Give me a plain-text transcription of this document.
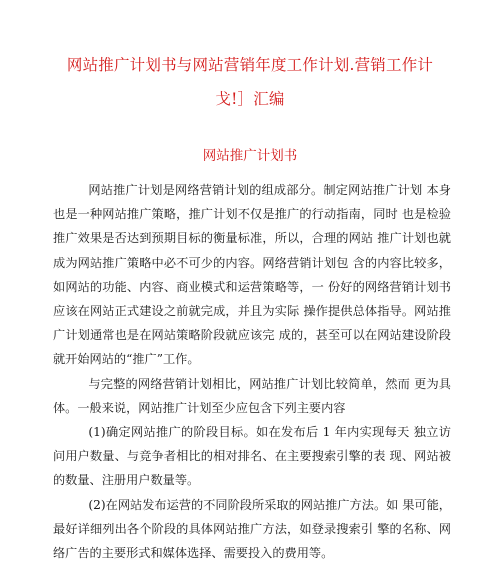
网站推广计划书与网站营销年度工作计划.营销工作计戈!］汇编
网站推广计划书

网站推广计划是网络营销计划的组成部分。制定网站推广计划 本身也是一种网站推广策略，推广计划不仅是推广的行动指南，同时 也是检验推广效果是否达到预期目标的衡量标准，所以，合理的网站 推广计划也就成为网站推广策略中必不可少的内容。网络营销计划包 含的内容比较多，如网站的功能、内容、商业模式和运营策略等，一 份好的网络营销计划书应该在网站正式建设之前就完成，并且为实际 操作提供总体指导。网站推广计划通常也是在网站策略阶段就应该完 成的，甚至可以在网站建设阶段就开始网站的“推广”工作。

与完整的网络营销计划相比，网站推广计划比较简单，然而 更为具体。一般来说，网站推广计划至少应包含下列主要内容

(1)确定网站推广的阶段目标。如在发布后 1 年内实现每天 独立访问用户数量、与竞争者相比的相对排名、在主要搜索引擎的表 现、网站被的数量、注册用户数量等。

(2)在网站发布运营的不同阶段所采取的网站推广方法。如 果可能，最好详细列出各个阶段的具体网站推广方法，如登录搜索引 擎的名称、网络广告的主要形式和媒体选择、需要投入的费用等。
